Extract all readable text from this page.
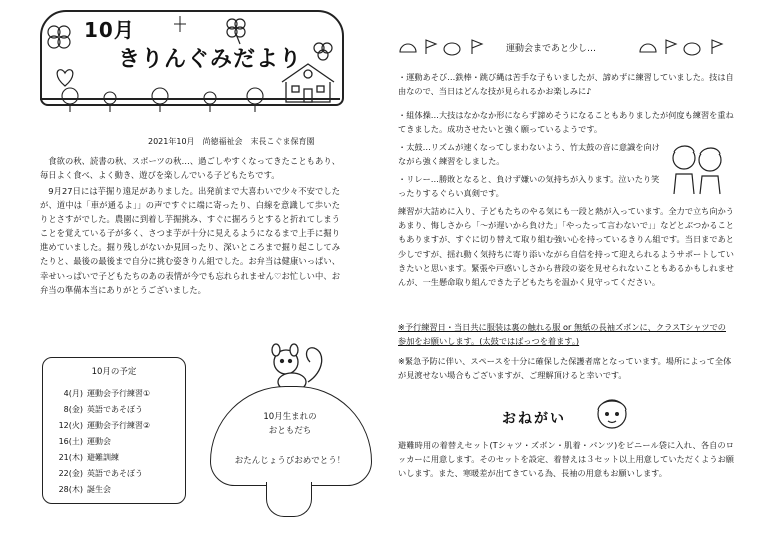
10月
きりんぐみだより
2021年10月　尚徳福祉会　末長こぐま保育園
食欲の秋、読書の秋、スポーツの秋…、過ごしやすくなってきたこともあり、毎日よく食べ、よく動き、遊びを楽しんでいる子どもたちです。
9月27日には芋掘り遠足がありました。出発前まで大喜わいで少々不安でしたが、道中は「車が通るよ」」の声ですぐに端に寄ったり、白線を意識して歩いたりとさすがでした。農園に到着し芋掘挑み、すぐに掘ろうとすると折れてしまうことを覚えている子が多く、さつま芋が十分に見えるようになるまで上手に掘り進めていました。掘り残しがないか見回ったり、深いところまで掘り起こしてみたりと、最後の最後まで自分に挑む姿きりん組でした。お弁当は健康いっぱい、幸せいっぱいで子どもたちのあの表情が今でも忘れられません♡お忙しい中、お弁当の準備本当にありがとうございました。
10月の予定
4(月) 運動会予行練習①
8(金) 英語であそぼう
12(火) 運動会予行練習②
16(土) 運動会
21(木) 避難訓練
22(金) 英語であそぼう
28(木) 誕生会
10月生まれの
おともだち
おたんじょうびおめでとう！
運動会まであと少し…
・運動あそび…鉄棒・跳び縄は苦手な子もいましたが、諦めずに練習していました。技は自由なので、当日はどんな技が見られるかお楽しみに♪
・組体操…大技はなかなか形にならず諦めそうになることもありましたが何度も練習を重ねてきました。成功させたいと強く願っているようです。
・太鼓…リズムが速くなってしまわないよう、竹太鼓の音に意識を向けながら強く練習をしました。
・リレー…勝敗となると、負けず嫌いの気持ちが入ります。泣いたり笑ったりするぐらい真剣です。
練習が大詰めに入り、子どもたちのやる気にも一段と熱が入っています。全力で立ち向かうあまり、悔しさから「～が遅いから負けた」「やったって言わないで」」などとぶつかることもありますが、すぐに切り替えて取り組む強い心を持っているきりん組です。当日まであと少しですが、揺れ動く気持ちに寄り添いながら自信を持って迎えられるようサポートしていきたいと思います。緊張や戸惑いしさから普段の姿を見せられないこともあるかもしれませんが、一生懸命取り組んできた子どもたちを温かく見守ってください。
※予行練習日・当日共に服装は裏の触れる服 or 無紙の長袖ズボンに、クラスTシャツでの参加をお願いします。(太鼓ではばっつを着ます。)
※緊急予防に伴い、スペースを十分に確保した保護者席となっています。場所によって全体が見渡せない場合もございますが、ご理解頂けると幸いです。
おねがい
避難時用の着替えセット(Tシャツ・ズボン・肌着・パンツ)をビニール袋に入れ、各自のロッカーに用意します。そのセットを設定、着替えは３セット以上用意していただくようお願いします。また、寒暖差が出てきている為、長袖の用意もお願いします。
